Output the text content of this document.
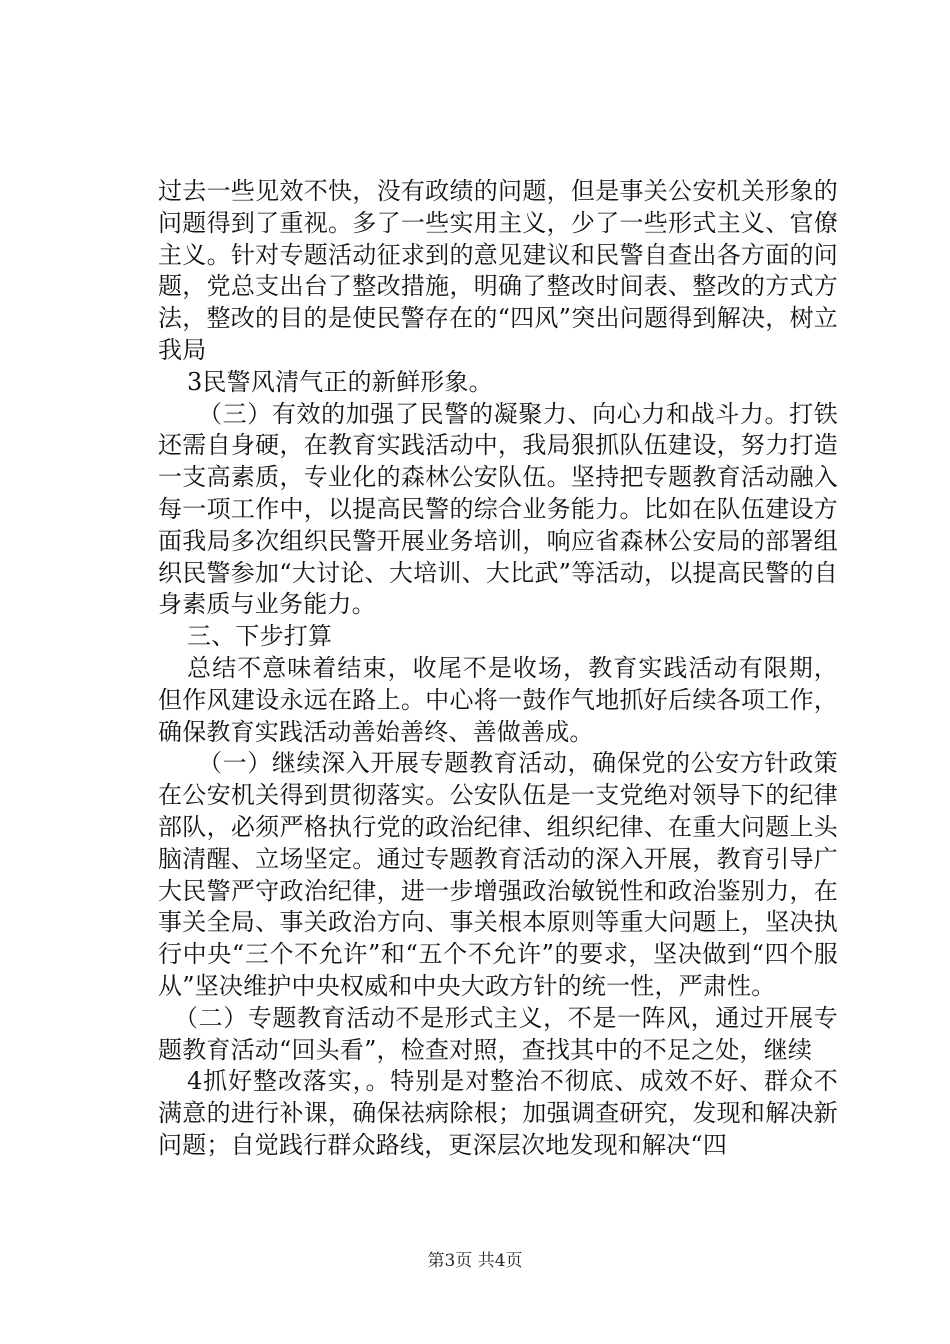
过去一些见效不快，没有政绩的问题，但是事关公安机关形象的问题得到了重视。多了一些实用主义，少了一些形式主义、官僚主义。针对专题活动征求到的意见建议和民警自查出各方面的问题，党总支出台了整改措施，明确了整改时间表、整改的方式方法，整改的目的是使民警存在的“四风”突出问题得到解决，树立我局

3民警风清气正的新鲜形象。

（三）有效的加强了民警的凝聚力、向心力和战斗力。打铁还需自身硬，在教育实践活动中，我局狠抓队伍建设，努力打造一支高素质，专业化的森林公安队伍。坚持把专题教育活动融入每一项工作中，以提高民警的综合业务能力。比如在队伍建设方面我局多次组织民警开展业务培训，响应省森林公安局的部署组织民警参加“大讨论、大培训、大比武”等活动，以提高民警的自身素质与业务能力。

三、下步打算

总结不意味着结束，收尾不是收场，教育实践活动有限期，但作风建设永远在路上。中心将一鼓作气地抓好后续各项工作，确保教育实践活动善始善终、善做善成。

（一）继续深入开展专题教育活动，确保党的公安方针政策在公安机关得到贯彻落实。公安队伍是一支党绝对领导下的纪律部队，必须严格执行党的政治纪律、组织纪律、在重大问题上头脑清醒、立场坚定。通过专题教育活动的深入开展，教育引导广大民警严守政治纪律，进一步增强政治敏锐性和政治鉴别力，在事关全局、事关政治方向、事关根本原则等重大问题上，坚决执行中央“三个不允许”和“五个不允许”的要求，坚决做到“四个服从”坚决维护中央权威和中央大政方针的统一性，严肃性。

（二）专题教育活动不是形式主义，不是一阵风，通过开展专题教育活动“回头看”，检查对照，查找其中的不足之处，继续

4抓好整改落实，。特别是对整治不彻底、成效不好、群众不满意的进行补课，确保祛病除根；加强调查研究，发现和解决新问题；自觉践行群众路线，更深层次地发现和解决“四

第3页 共4页
